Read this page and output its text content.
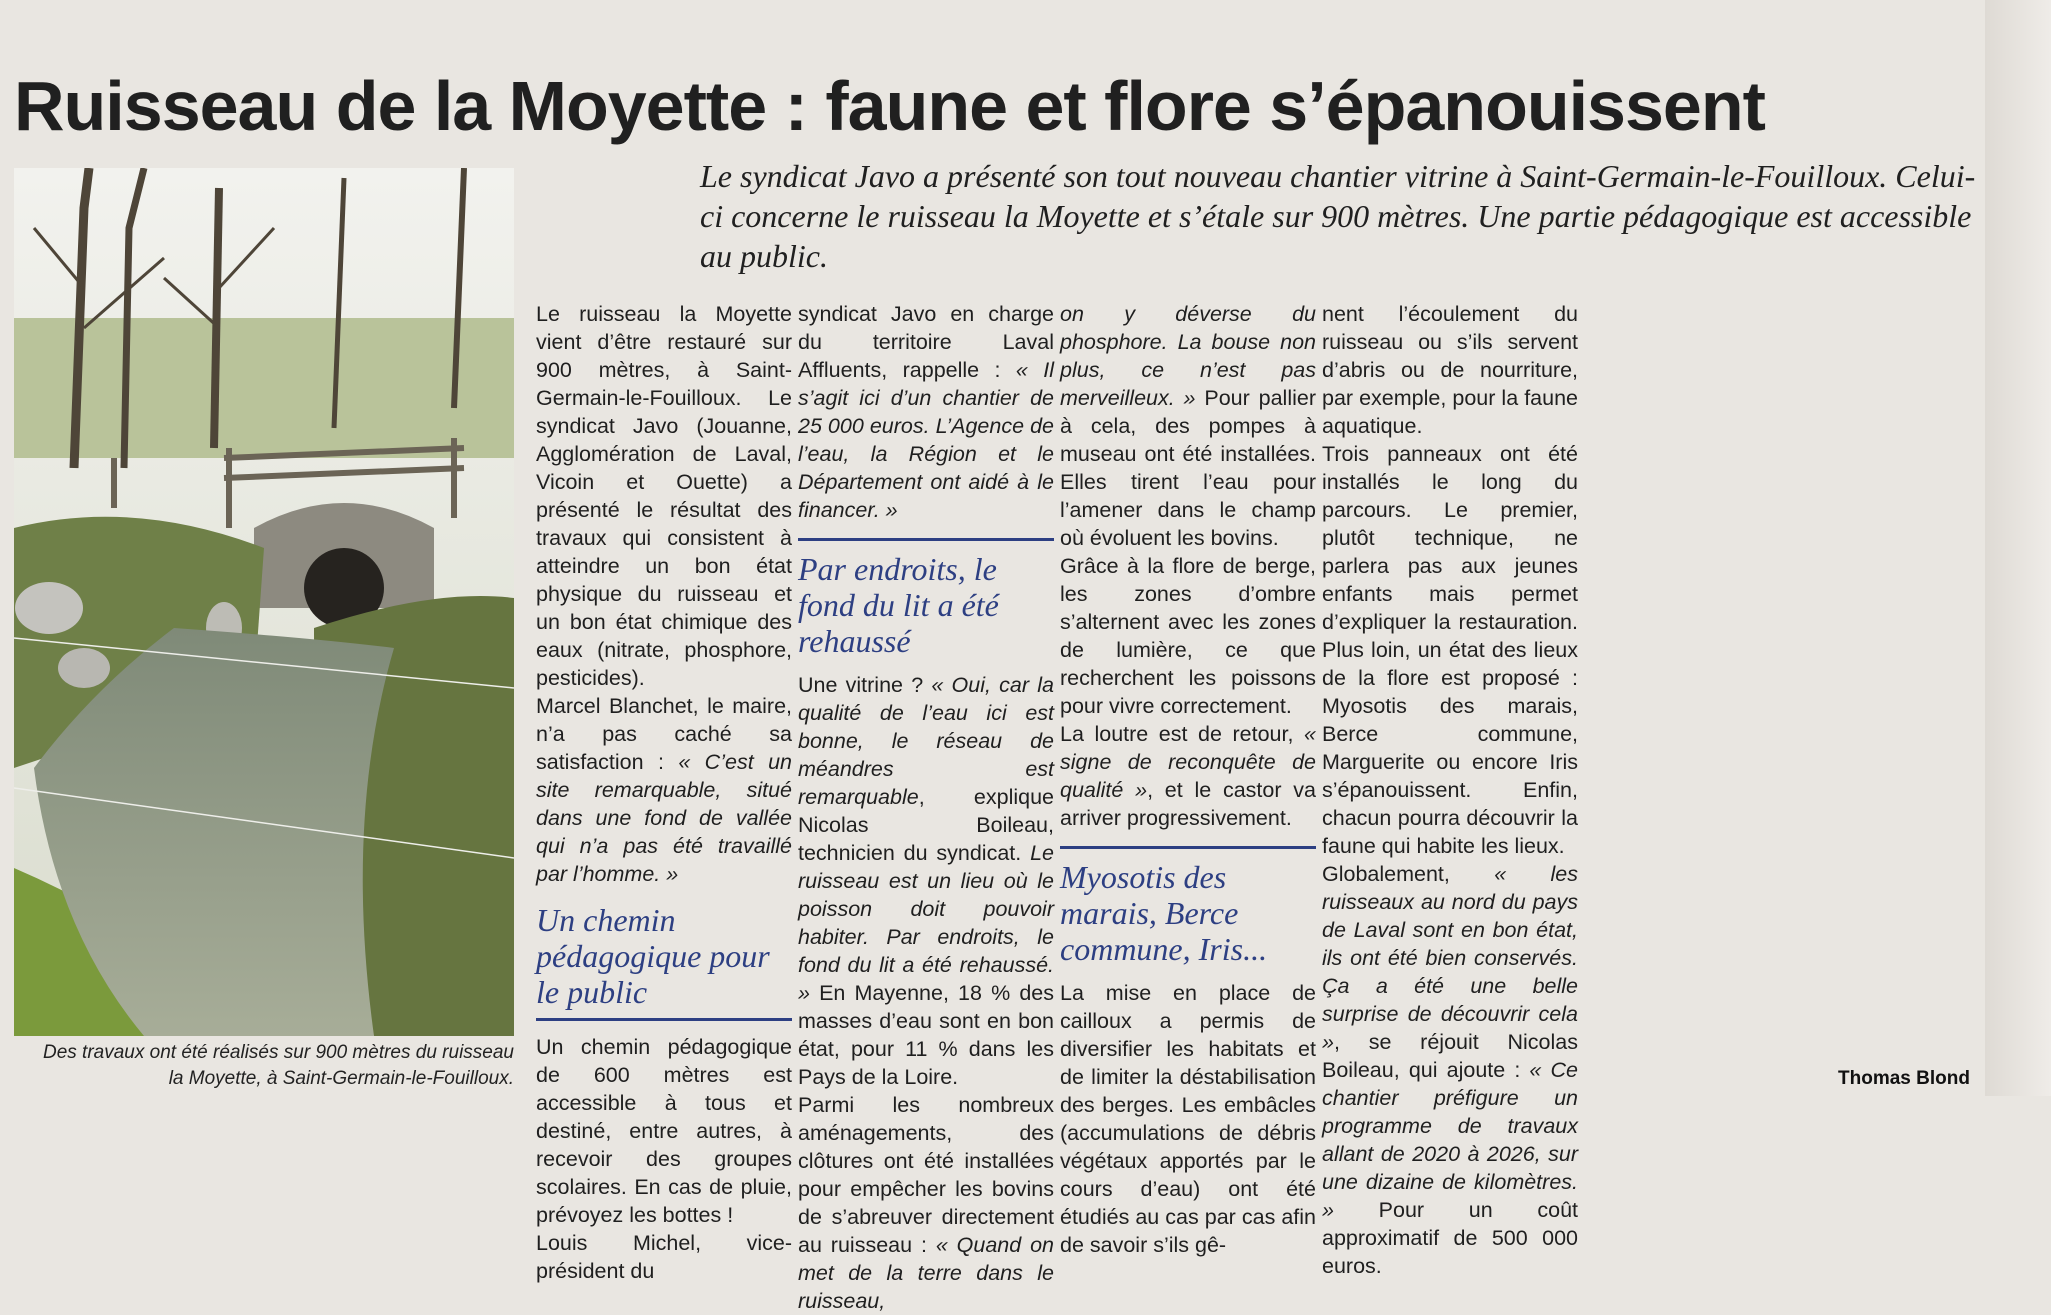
Ruisseau de la Moyette : faune et flore s’épanouissent
Des travaux ont été réalisés sur 900 mètres du ruisseau
la Moyette, à Saint-Germain-le-Fouilloux.
Le syndicat Javo a présenté son tout nouveau chantier vitrine à Saint-Germain-le-Fouilloux. Celui-ci concerne le ruisseau la Moyette et s’étale sur 900 mètres. Une partie pédagogique est accessible au public.

Le ruisseau la Moyette vient d’être restauré sur 900 mètres, à Saint-Germain-le-Fouilloux. Le syndicat Javo (Jouanne, Agglomération de Laval, Vicoin et Ouette) a présenté le résultat des travaux qui consistent à atteindre un bon état physique du ruisseau et un bon état chimique des eaux (nitrate, phosphore, pesticides).

Marcel Blanchet, le maire, n’a pas caché sa satisfaction : « C’est un site remarquable, situé dans une fond de vallée qui n’a pas été travaillé par l’homme. »

Un chemin pédagogique pour le public

Un chemin pédagogique de 600 mètres est accessible à tous et destiné, entre autres, à recevoir des groupes scolaires. En cas de pluie, prévoyez les bottes !

Louis Michel, vice-président du

syndicat Javo en charge du territoire Laval Affluents, rappelle : « Il s’agit ici d’un chantier de 25 000 euros. L’Agence de l’eau, la Région et le Département ont aidé à le financer. »

Par endroits, le fond du lit a été rehaussé

Une vitrine ? « Oui, car la qualité de l’eau ici est bonne, le réseau de méandres est remarquable, explique Nicolas Boileau, technicien du syndicat. Le ruisseau est un lieu où le poisson doit pouvoir habiter. Par endroits, le fond du lit a été rehaussé. » En Mayenne, 18 % des masses d’eau sont en bon état, pour 11 % dans les Pays de la Loire.

Parmi les nombreux aménagements, des clôtures ont été installées pour empêcher les bovins de s’abreuver directement au ruisseau : « Quand on met de la terre dans le ruisseau,

on y déverse du phosphore. La bouse non plus, ce n’est pas merveilleux. » Pour pallier à cela, des pompes à museau ont été installées. Elles tirent l’eau pour l’amener dans le champ où évoluent les bovins.

Grâce à la flore de berge, les zones d’ombre s’alternent avec les zones de lumière, ce que recherchent les poissons pour vivre correctement.

La loutre est de retour, « signe de reconquête de qualité », et le castor va arriver progressivement.

Myosotis des marais, Berce commune, Iris...

La mise en place de cailloux a permis de diversifier les habitats et de limiter la déstabilisation des berges. Les embâcles (accumulations de débris végétaux apportés par le cours d’eau) ont été étudiés au cas par cas afin de savoir s’ils gê-

nent l’écoulement du ruisseau ou s’ils servent d’abris ou de nourriture, par exemple, pour la faune aquatique.

Trois panneaux ont été installés le long du parcours. Le premier, plutôt technique, ne parlera pas aux jeunes enfants mais permet d’expliquer la restauration. Plus loin, un état des lieux de la flore est proposé : Myosotis des marais, Berce commune, Marguerite ou encore Iris s’épanouissent. Enfin, chacun pourra découvrir la faune qui habite les lieux.

Globalement, « les ruisseaux au nord du pays de Laval sont en bon état, ils ont été bien conservés. Ça a été une belle surprise de découvrir cela », se réjouit Nicolas Boileau, qui ajoute : « Ce chantier préfigure un programme de travaux allant de 2020 à 2026, sur une dizaine de kilomètres. » Pour un coût approximatif de 500 000 euros.

Thomas Blond
